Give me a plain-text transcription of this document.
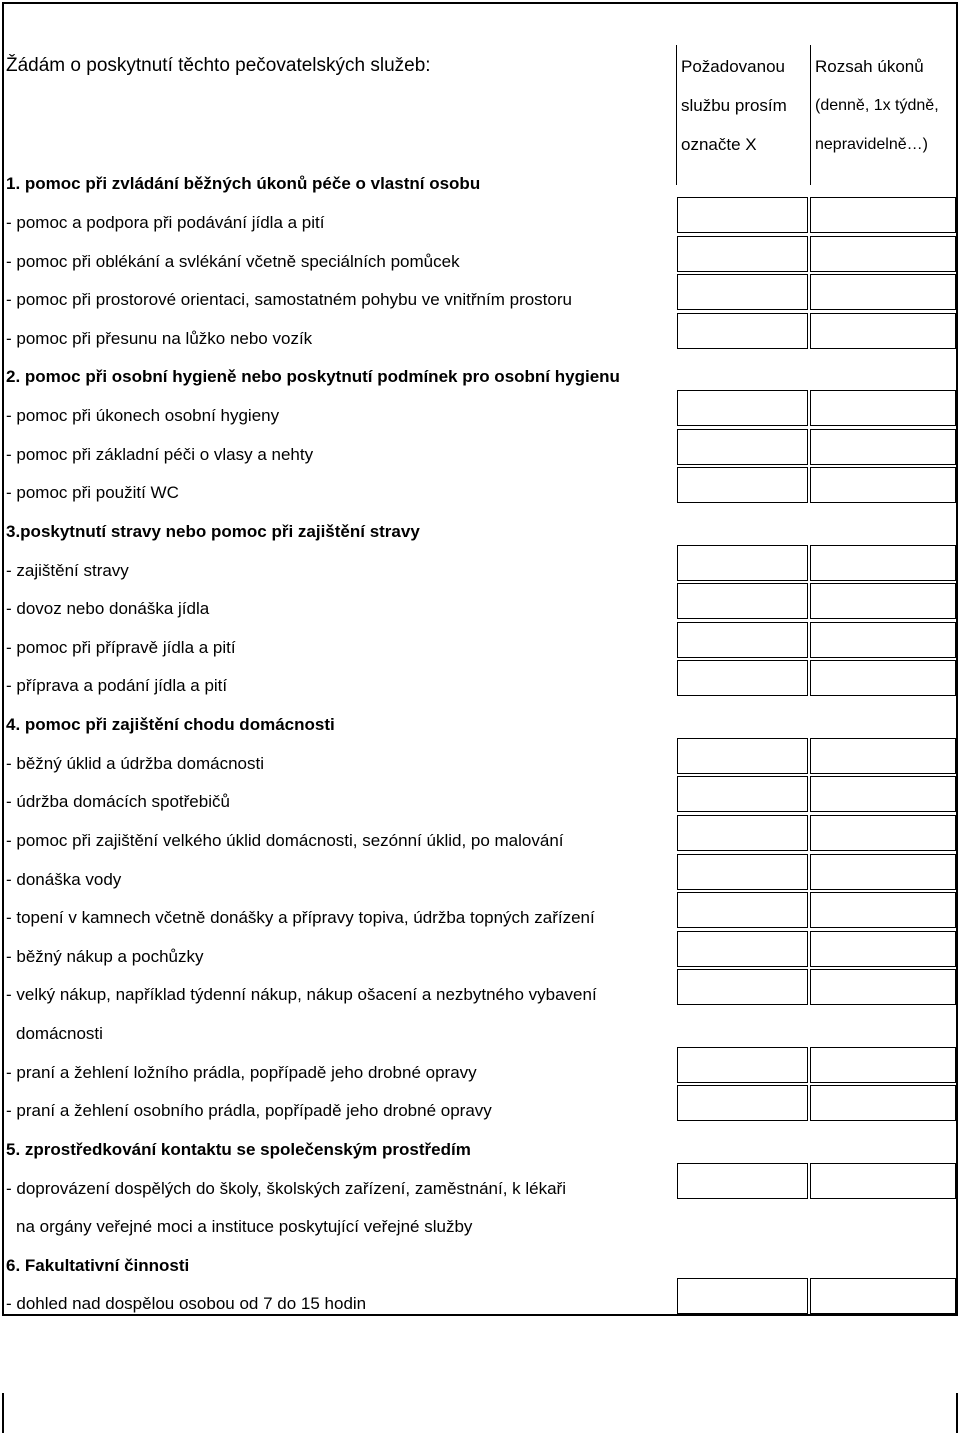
Žádám o poskytnutí těchto pečovatelských služeb:	Požadovanou
službu prosím
označte X
Rozsah úkonů
(denně, 1x týdně,
nepravidelně…)
1. pomoc při zvládání běžných úkonů péče o vlastní osobu
- pomoc a podpora při podávání jídla a pití
- pomoc při oblékání a svlékání včetně speciálních pomůcek
- pomoc při prostorové orientaci, samostatném pohybu ve vnitřním prostoru
- pomoc při přesunu na lůžko nebo vozík
2. pomoc při osobní hygieně nebo poskytnutí podmínek pro osobní hygienu
- pomoc při úkonech osobní hygieny
- pomoc při základní péči o vlasy a nehty
- pomoc při použití WC
3.poskytnutí stravy nebo pomoc při zajištění stravy
- zajištění stravy
- dovoz nebo donáška jídla
- pomoc při přípravě jídla a pití
- příprava a podání jídla a pití
4. pomoc při zajištění chodu domácnosti
- běžný úklid a údržba domácnosti
- údržba domácích spotřebičů
- pomoc při zajištění velkého úklid domácnosti, sezónní úklid, po malování
- donáška vody
- topení v kamnech včetně donášky a přípravy topiva, údržba topných zařízení
- běžný nákup a pochůzky
- velký nákup, například týdenní nákup, nákup ošacení a nezbytného vybavení
domácnosti
- praní a žehlení ložního prádla, popřípadě jeho drobné opravy
- praní a žehlení osobního prádla, popřípadě jeho drobné opravy
5. zprostředkování kontaktu se společenským prostředím
- doprovázení dospělých do školy, školských zařízení, zaměstnání, k lékaři
na orgány veřejné moci a instituce poskytující veřejné služby
6. Fakultativní činnosti
- dohled nad dospělou osobou od 7 do 15 hodin
